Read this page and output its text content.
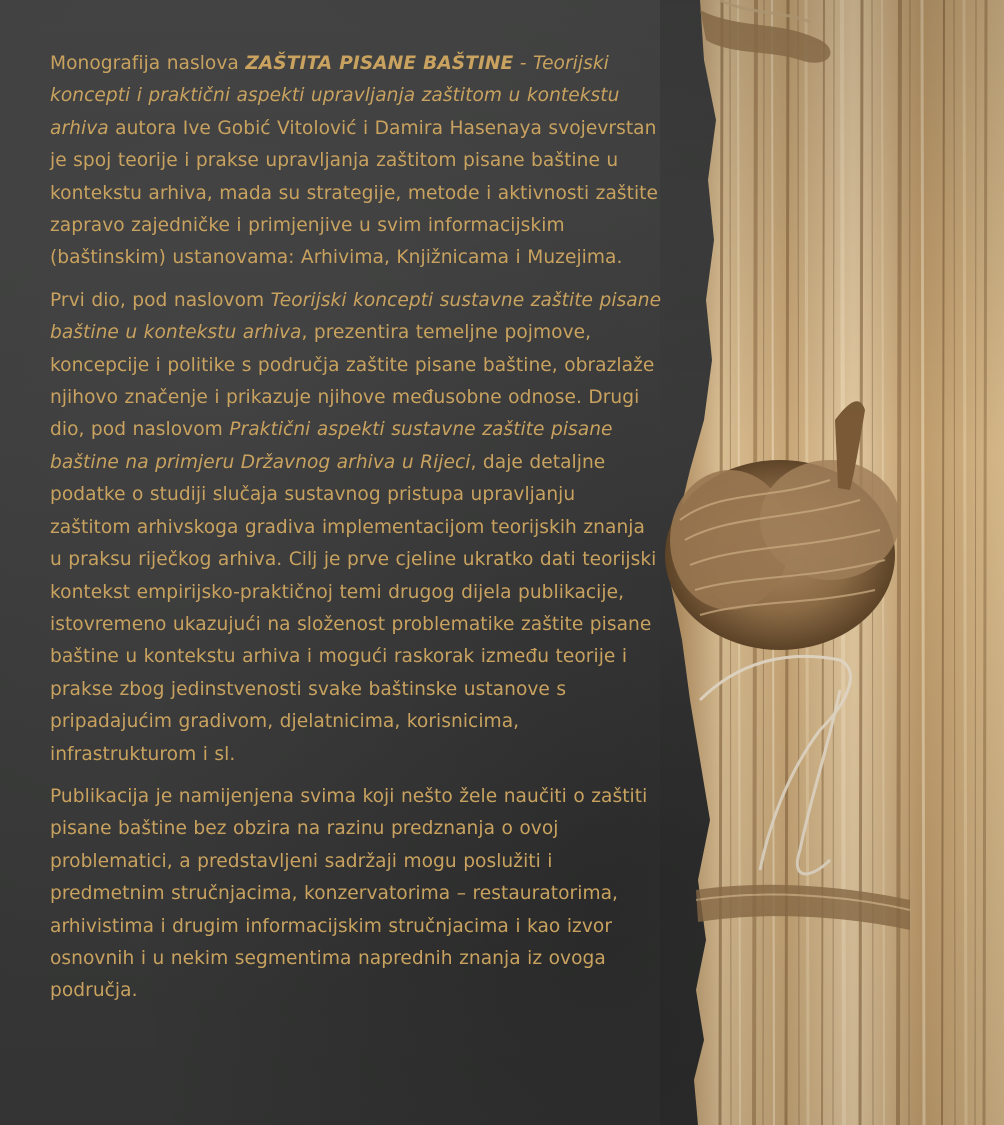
Monografija naslova ZAŠTITA PISANE BAŠTINE - Teorijski koncepti i praktični aspekti upravljanja zaštitom u kontekstu arhiva autora Ive Gobić Vitolović i Damira Hasenaya svojevrstan je spoj teorije i prakse upravljanja zaštitom pisane baštine u kontekstu arhiva, mada su strategije, metode i aktivnosti zaštite zapravo zajedničke i primjenjive u svim informacijskim (baštinskim) ustanovama: Arhivima, Knjižnicama i Muzejima.

Prvi dio, pod naslovom Teorijski koncepti sustavne zaštite pisane baštine u kontekstu arhiva, prezentira temeljne pojmove, koncepcije i politike s područja zaštite pisane baštine, obrazlaže njihovo značenje i prikazuje njihove međusobne odnose. Drugi dio, pod naslovom Praktični aspekti sustavne zaštite pisane baštine na primjeru Državnog arhiva u Rijeci, daje detaljne podatke o studiji slučaja sustavnog pristupa upravljanju zaštitom arhivskoga gradiva implementacijom teorijskih znanja u praksu riječkog arhiva. Cilj je prve cjeline ukratko dati teorijski kontekst empirijsko-praktičnoj temi drugog dijela publikacije, istovremeno ukazujući na složenost problematike zaštite pisane baštine u kontekstu arhiva i mogući raskorak između teorije i prakse zbog jedinstvenosti svake baštinske ustanove s pripadajućim gradivom, djelatnicima, korisnicima, infrastrukturom i sl.

Publikacija je namijenjena svima koji nešto žele naučiti o zaštiti pisane baštine bez obzira na razinu predznanja o ovoj problematici, a predstavljeni sadržaji mogu poslužiti i predmetnim stručnjacima, konzervatorima – restauratorima, arhivistima i drugim informacijskim stručnjacima i kao izvor osnovnih i u nekim segmentima naprednih znanja iz ovoga područja.
